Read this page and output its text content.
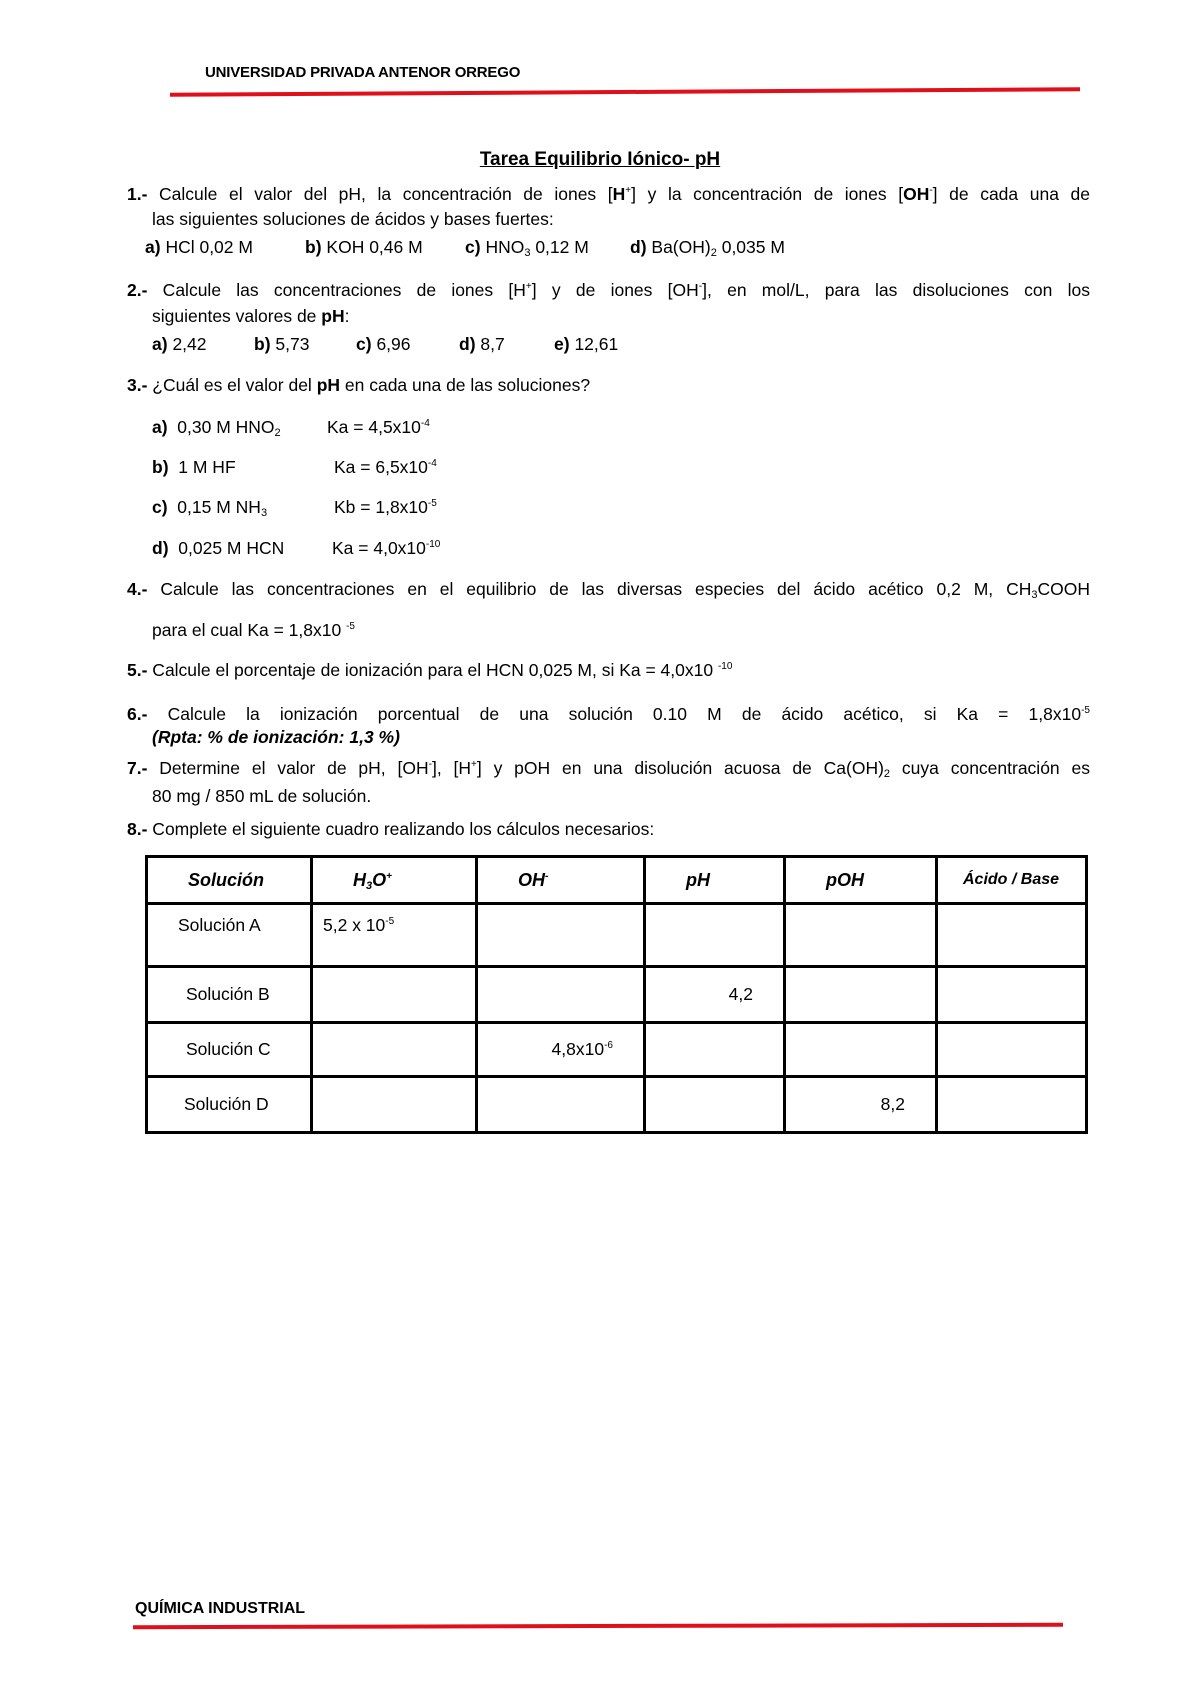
UNIVERSIDAD PRIVADA ANTENOR ORREGO
Tarea Equilibrio Iónico- pH
1.- Calcule el valor del pH, la concentración de iones [H+] y la concentración de iones [OH-] de cada una de
las siguientes soluciones de ácidos y bases fuertes:
a) HCl 0,02 M	b) KOH 0,46 M c) $HNO_3$ 0,12 M d) $Ba(OH)_2$ 0,035 M
2.- Calcule las concentraciones de iones [H+] y de iones [OH-], en mol/L, para las disoluciones con los
siguientes valores de pH:
a) 2,42	b) 5,73	c) 6,96	d) 8,7	e) 12,61
3.- ¿Cuál es el valor del pH en cada una de las soluciones?
a) 0,30 M $HNO_2$	$Ka = 4,5x10^{-4}$
b) 1 M HF	$Ka = 6,5x10^{-4}$
c) 0,15 M $NH_3$	$Kb = 1,8x10^{-5}$
d) 0,025 M HCN	$Ka = 4,0x10^{-10}$
4.- Calcule las concentraciones en el equilibrio de las diversas especies del ácido acético 0,2 M, $CH_3COOH$
para el cual Ka = 1,8x10 $^{-5}$
5.- Calcule el porcentaje de ionización para el HCN 0,025 M, si Ka = 4,0x10 $^{-10}$
6.- Calcule la ionización porcentual de una solución 0.10 M de ácido acético, si $Ka = 1,8x10^{-5}$
(Rpta: % de ionización: 1,3 %)
7.- Determine el valor de pH, [OH-], [H+] y pOH en una disolución acuosa de $Ca(OH)_2$ cuya concentración es
80 mg / 850 mL de solución.
8.- Complete el siguiente cuadro realizando los cálculos necesarios:
Solución	$H_3O^+$	OH-	pH	pOH	Ácido / Base
Solución A	5,2 x $10^{-5}$				
Solución B			4,2		
Solución C		$4,8x10^{-6}$			
Solución D				8,2	
QUÍMICA INDUSTRIAL
